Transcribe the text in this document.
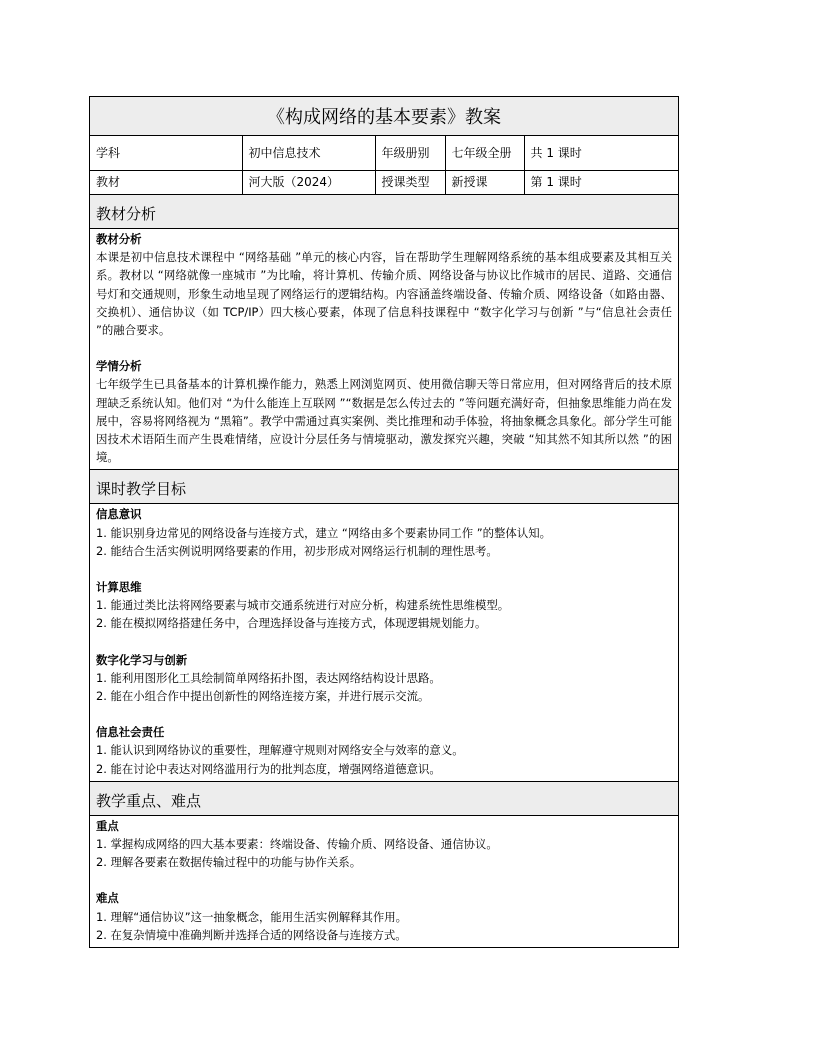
《构成网络的基本要素》教案
学科	初中信息技术	年级册别	七年级全册	共 1 课时
教材	河大版（2024）	授课类型	新授课	第 1 课时
教材分析
教材分析
本课是初中信息技术课程中 “网络基础 ”单元的核心内容，旨在帮助学生理解网络系统的基本组成要素及其相互关系。教材以 “网络就像一座城市 ”为比喻，将计算机、传输介质、网络设备与协议比作城市的居民、道路、交通信号灯和交通规则，形象生动地呈现了网络运行的逻辑结构。内容涵盖终端设备、传输介质、网络设备（如路由器、交换机）、通信协议（如 TCP/IP）四大核心要素，体现了信息科技课程中 “数字化学习与创新 ”与“信息社会责任 ”的融合要求。
学情分析
七年级学生已具备基本的计算机操作能力，熟悉上网浏览网页、使用微信聊天等日常应用，但对网络背后的技术原理缺乏系统认知。他们对 “为什么能连上互联网 ”“数据是怎么传过去的 ”等问题充满好奇，但抽象思维能力尚在发展中，容易将网络视为 “黑箱”。教学中需通过真实案例、类比推理和动手体验，将抽象概念具象化。部分学生可能因技术术语陌生而产生畏难情绪，应设计分层任务与情境驱动，激发探究兴趣，突破 “知其然不知其所以然 ”的困境。
课时教学目标
信息意识
1. 能识别身边常见的网络设备与连接方式，建立 “网络由多个要素协同工作 ”的整体认知。
2. 能结合生活实例说明网络要素的作用，初步形成对网络运行机制的理性思考。
计算思维
1. 能通过类比法将网络要素与城市交通系统进行对应分析，构建系统性思维模型。
2. 能在模拟网络搭建任务中，合理选择设备与连接方式，体现逻辑规划能力。
数字化学习与创新
1. 能利用图形化工具绘制简单网络拓扑图，表达网络结构设计思路。
2. 能在小组合作中提出创新性的网络连接方案，并进行展示交流。
信息社会责任
1. 能认识到网络协议的重要性，理解遵守规则对网络安全与效率的意义。
2. 能在讨论中表达对网络滥用行为的批判态度，增强网络道德意识。
教学重点、难点
重点
1. 掌握构成网络的四大基本要素：终端设备、传输介质、网络设备、通信协议。
2. 理解各要素在数据传输过程中的功能与协作关系。
难点
1. 理解“通信协议”这一抽象概念，能用生活实例解释其作用。
2. 在复杂情境中准确判断并选择合适的网络设备与连接方式。
